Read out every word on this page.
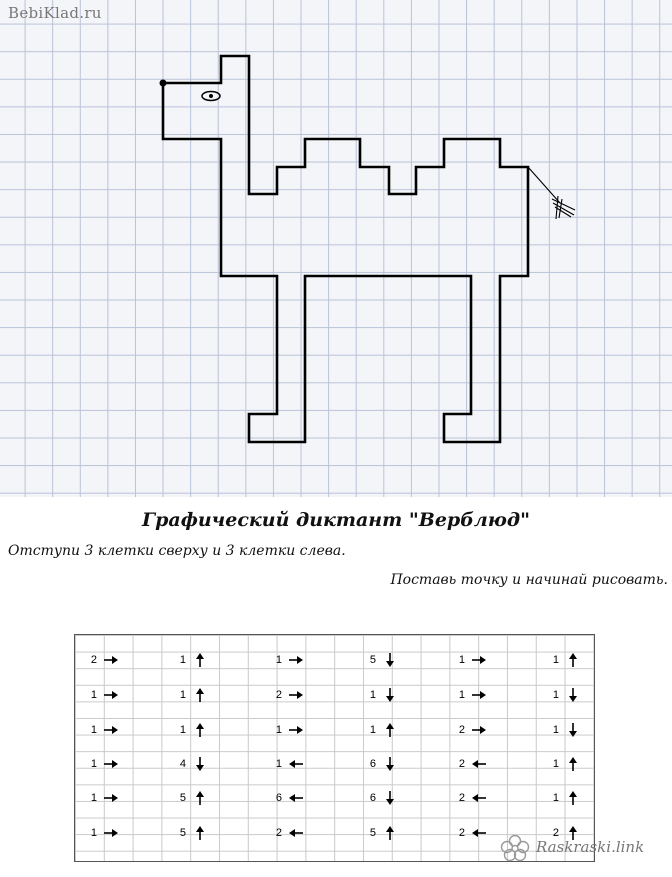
BebiKlad.ru
Графический диктант "Верблюд"
Отступи 3 клетки сверху и 3 клетки слева.
Поставь точку и начинай рисовать.
2
1
1
1
1
1
1
1
1
4
5
5
1
2
1
1
6
2
5
1
1
6
6
5
1
1
2
2
2
2
1
1
1
1
1
2
Raskraski.link
